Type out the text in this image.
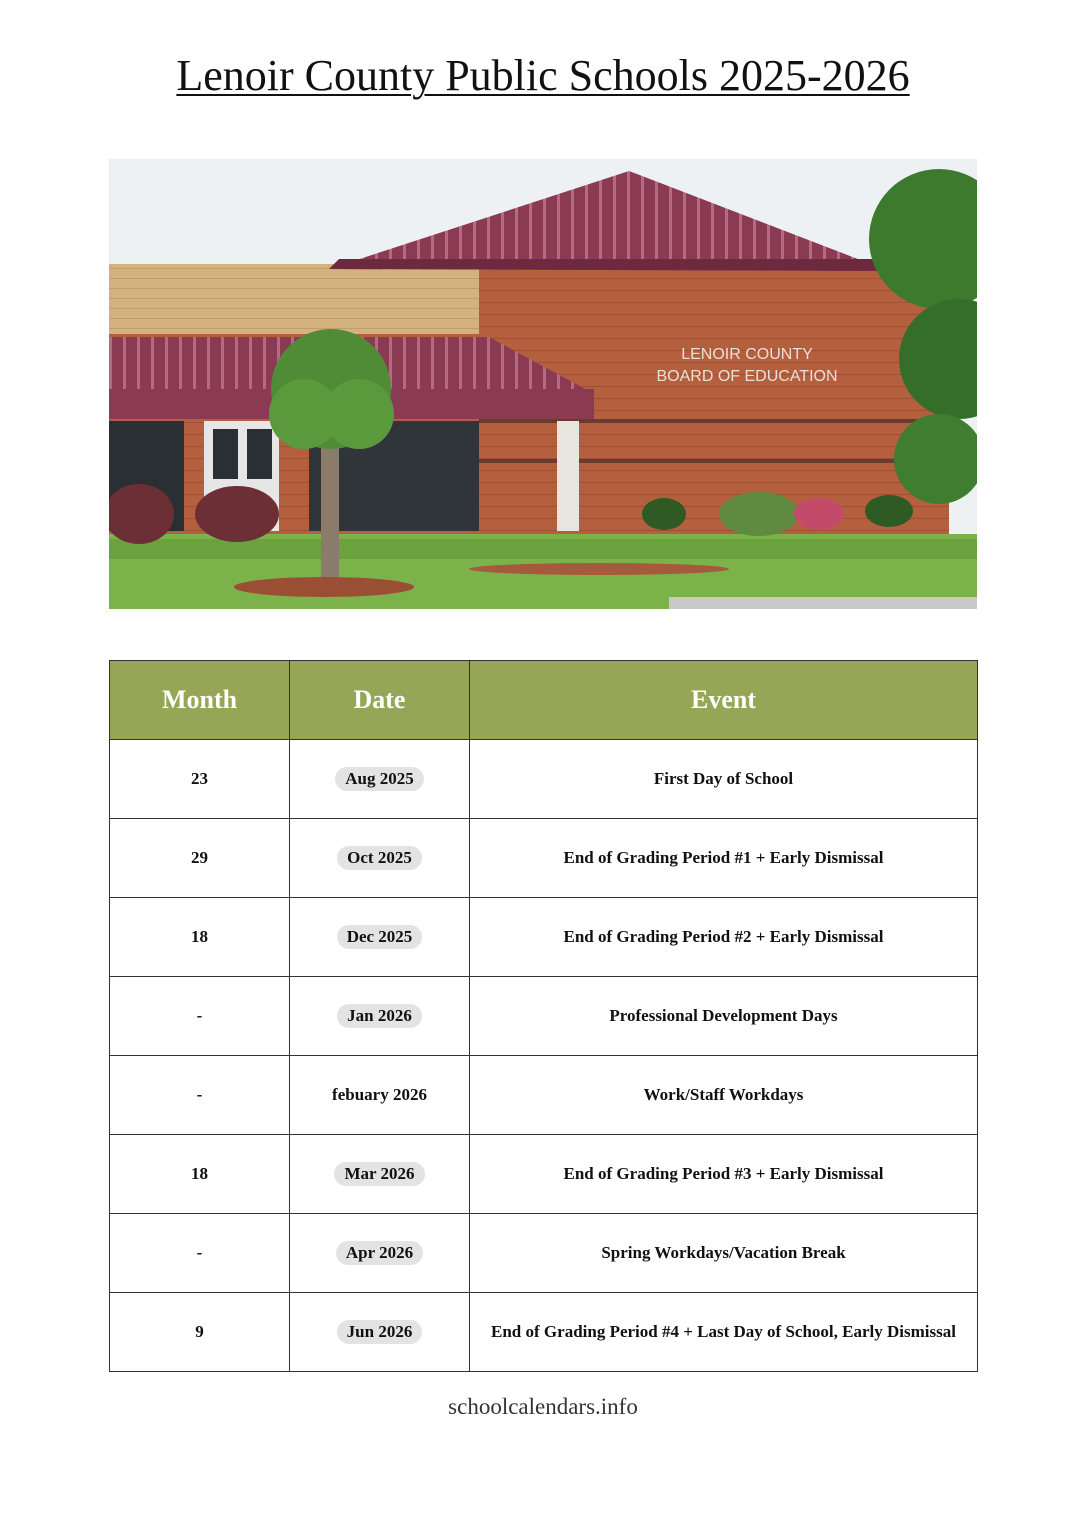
Lenoir County Public Schools 2025-2026
LENOIR COUNTY
BOARD OF EDUCATION
Month	Date	Event
23	Aug 2025	First Day of School
29	Oct 2025	End of Grading Period #1 + Early Dismissal
18	Dec 2025	End of Grading Period #2 + Early Dismissal
-	Jan 2026	Professional Development Days
-	febuary 2026	Work/Staff Workdays
18	Mar 2026	End of Grading Period #3 + Early Dismissal
-	Apr 2026	Spring Workdays/Vacation Break
9	Jun 2026	End of Grading Period #4 + Last Day of School, Early Dismissal
schoolcalendars.info
